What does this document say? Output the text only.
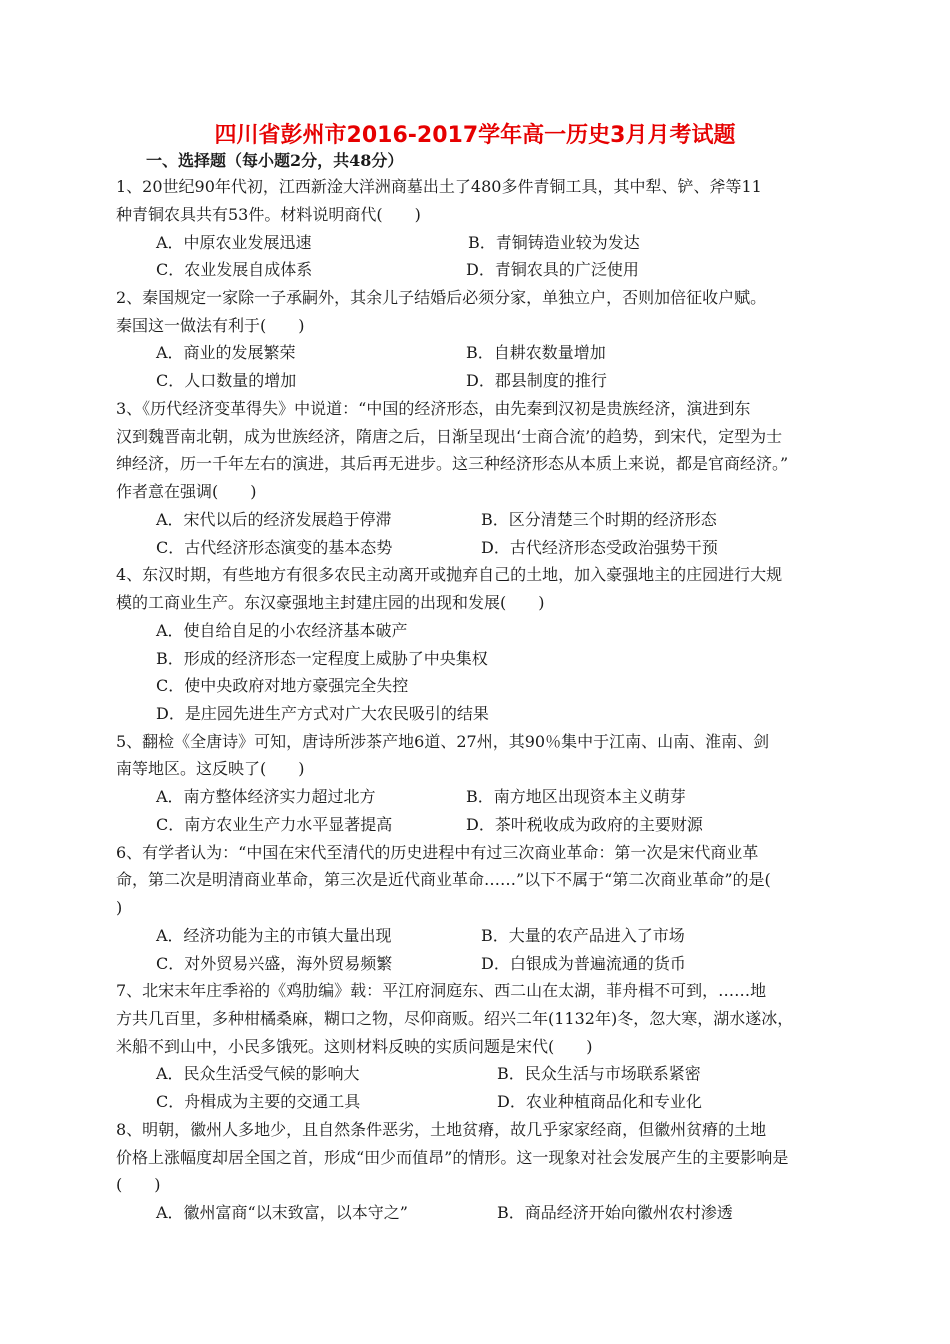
四川省彭州市2016-2017学年高一历史3月月考试题
一、选择题（每小题2分，共48分）
1、20世纪90年代初，江西新淦大洋洲商墓出土了480多件青铜工具，其中犁、铲、斧等11
种青铜农具共有53件。材料说明商代(　　)
A．中原农业发展迅速	B．青铜铸造业较为发达
C．农业发展自成体系	D．青铜农具的广泛使用
2、秦国规定一家除一子承嗣外，其余儿子结婚后必须分家，单独立户，否则加倍征收户赋。
秦国这一做法有利于(　　)
A．商业的发展繁荣	B．自耕农数量增加
C．人口数量的增加	D．郡县制度的推行
3、《历代经济变革得失》中说道：“中国的经济形态，由先秦到汉初是贵族经济，演进到东
汉到魏晋南北朝，成为世族经济，隋唐之后，日渐呈现出‘士商合流’的趋势，到宋代，定型为士
绅经济，历一千年左右的演进，其后再无进步。这三种经济形态从本质上来说，都是官商经济。”
作者意在强调(　　)
A．宋代以后的经济发展趋于停滞	B．区分清楚三个时期的经济形态
C．古代经济形态演变的基本态势	D．古代经济形态受政治强势干预
4、东汉时期，有些地方有很多农民主动离开或抛弃自己的土地，加入豪强地主的庄园进行大规
模的工商业生产。东汉豪强地主封建庄园的出现和发展(　　)
A．使自给自足的小农经济基本破产
B．形成的经济形态一定程度上威胁了中央集权
C．使中央政府对地方豪强完全失控
D．是庄园先进生产方式对广大农民吸引的结果
5、翻检《全唐诗》可知，唐诗所涉茶产地6道、27州，其90％集中于江南、山南、淮南、剑
南等地区。这反映了(　　)
A．南方整体经济实力超过北方	B．南方地区出现资本主义萌芽
C．南方农业生产力水平显著提高	D．茶叶税收成为政府的主要财源
6、有学者认为：“中国在宋代至清代的历史进程中有过三次商业革命：第一次是宋代商业革
命，第二次是明清商业革命，第三次是近代商业革命……”以下不属于“第二次商业革命”的是(
)
A．经济功能为主的市镇大量出现	B．大量的农产品进入了市场
C．对外贸易兴盛，海外贸易频繁	D．白银成为普遍流通的货币
7、北宋末年庄季裕的《鸡肋编》载：平江府洞庭东、西二山在太湖，菲舟楫不可到，……地
方共几百里，多种柑橘桑麻，糊口之物，尽仰商贩。绍兴二年(1132年)冬，忽大寒，湖水遂冰，
米船不到山中，小民多饿死。这则材料反映的实质问题是宋代(　　)
A．民众生活受气候的影响大	B．民众生活与市场联系紧密
C．舟楫成为主要的交通工具	D．农业种植商品化和专业化
8、明朝，徽州人多地少，且自然条件恶劣，土地贫瘠，故几乎家家经商，但徽州贫瘠的土地
价格上涨幅度却居全国之首，形成“田少而值昂”的情形。这一现象对社会发展产生的主要影响是
(　　)
A．徽州富商“以末致富，以本守之”	B．商品经济开始向徽州农村渗透
